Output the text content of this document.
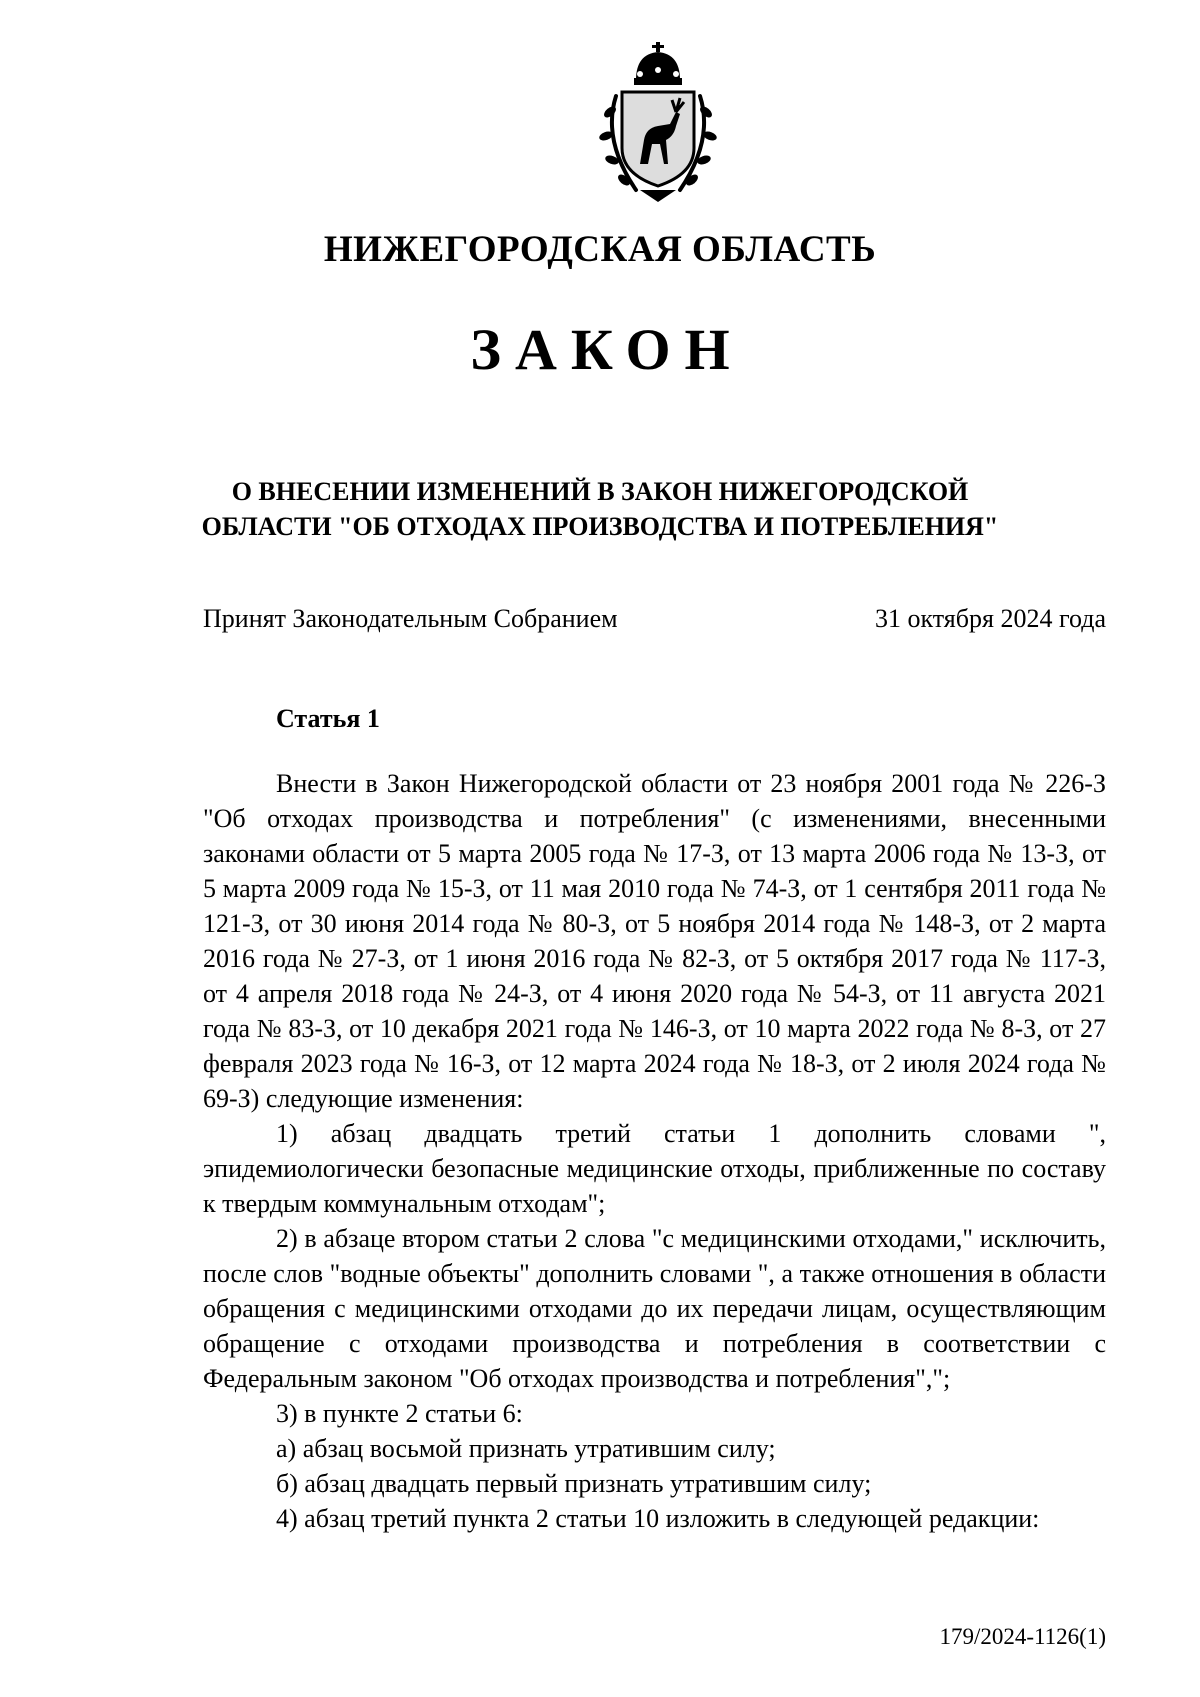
НИЖЕГОРОДСКАЯ ОБЛАСТЬ
ЗАКОН
О ВНЕСЕНИИ ИЗМЕНЕНИЙ В ЗАКОН НИЖЕГОРОДСКОЙ
ОБЛАСТИ "ОБ ОТХОДАХ ПРОИЗВОДСТВА И ПОТРЕБЛЕНИЯ"
Принят Законодательным Собранием	31 октября 2024 года
Статья 1

Внести в Закон Нижегородской области от 23 ноября 2001 года № 226-З "Об отходах производства и потребления" (с изменениями, внесенными законами области от 5 марта 2005 года № 17-З, от 13 марта 2006 года № 13-З, от 5 марта 2009 года № 15-З, от 11 мая 2010 года № 74-З, от 1 сентября 2011 года № 121-З, от 30 июня 2014 года № 80-З, от 5 ноября 2014 года № 148-З, от 2 марта 2016 года № 27-З, от 1 июня 2016 года № 82-З, от 5 октября 2017 года № 117-З, от 4 апреля 2018 года № 24-З, от 4 июня 2020 года № 54-З, от 11 августа 2021 года № 83-З, от 10 декабря 2021 года № 146-З, от 10 марта 2022 года № 8-З, от 27 февраля 2023 года № 16-З, от 12 марта 2024 года № 18-З, от 2 июля 2024 года № 69-З) следующие изменения:

1) абзац двадцать третий статьи 1 дополнить словами ", эпидемиологически безопасные медицинские отходы, приближенные по составу к твердым коммунальным отходам";

2) в абзаце втором статьи 2 слова "с медицинскими отходами," исключить, после слов "водные объекты" дополнить словами ", а также отношения в области обращения с медицинскими отходами до их передачи лицам, осуществляющим обращение с отходами производства и потребления в соответствии с Федеральным законом "Об отходах производства и потребления",";

3) в пункте 2 статьи 6:

а) абзац восьмой признать утратившим силу;

б) абзац двадцать первый признать утратившим силу;

4) абзац третий пункта 2 статьи 10 изложить в следующей редакции:

179/2024-1126(1)
